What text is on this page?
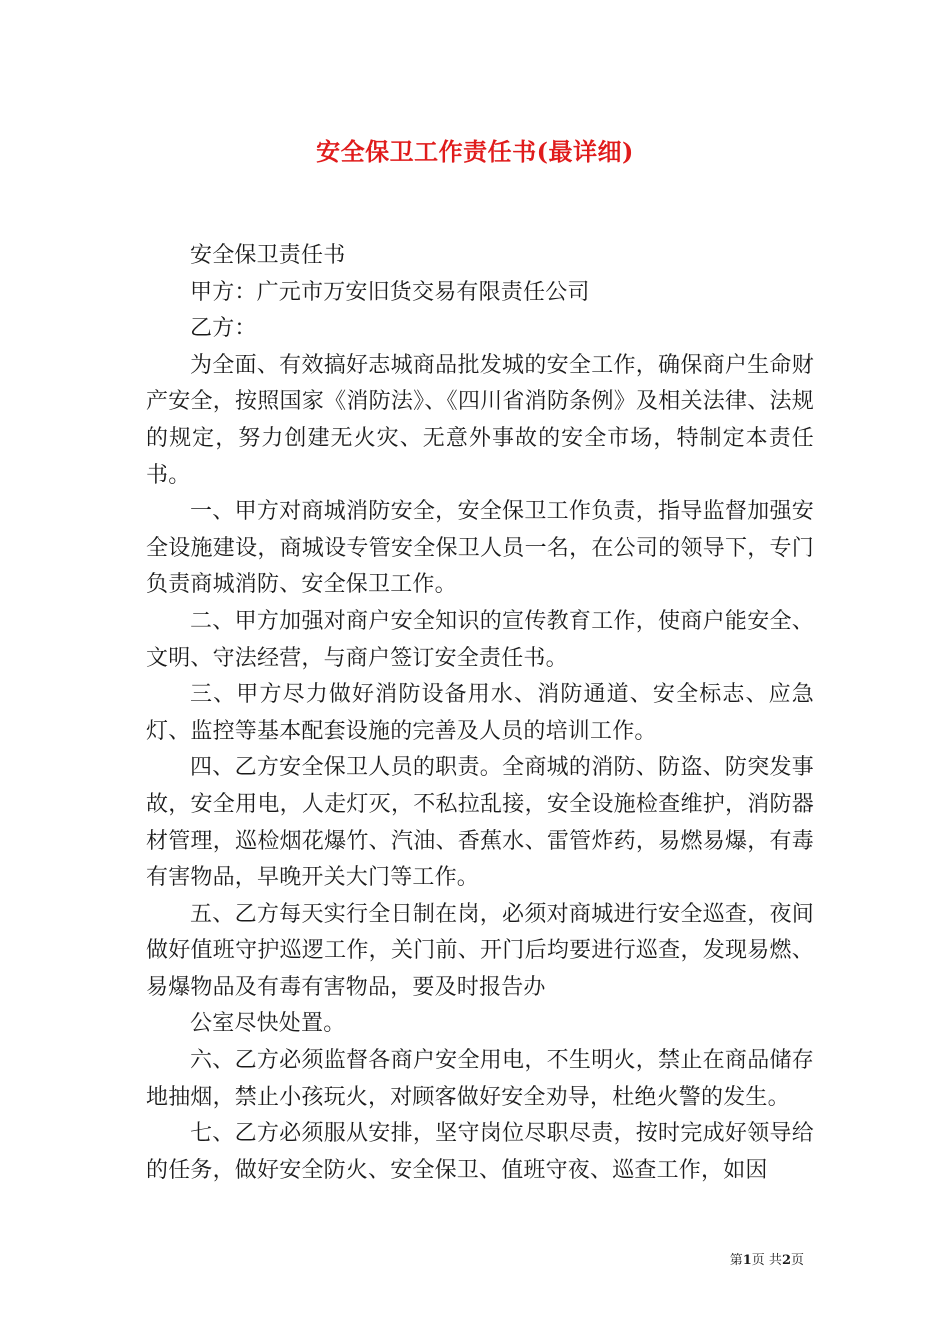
安全保卫工作责任书(最详细)

安全保卫责任书

甲方：广元市万安旧货交易有限责任公司

乙方：

为全面、有效搞好志城商品批发城的安全工作，确保商户生命财产安全，按照国家《消防法》、《四川省消防条例》及相关法律、法规的规定，努力创建无火灾、无意外事故的安全市场，特制定本责任书。

一、甲方对商城消防安全，安全保卫工作负责，指导监督加强安全设施建设，商城设专管安全保卫人员一名，在公司的领导下，专门负责商城消防、安全保卫工作。

二、甲方加强对商户安全知识的宣传教育工作，使商户能安全、文明、守法经营，与商户签订安全责任书。

三、甲方尽力做好消防设备用水、消防通道、安全标志、应急灯、监控等基本配套设施的完善及人员的培训工作。

四、乙方安全保卫人员的职责。全商城的消防、防盗、防突发事故，安全用电，人走灯灭，不私拉乱接，安全设施检查维护，消防器材管理，巡检烟花爆竹、汽油、香蕉水、雷管炸药，易燃易爆，有毒有害物品，早晚开关大门等工作。

五、乙方每天实行全日制在岗，必须对商城进行安全巡查，夜间做好值班守护巡逻工作，关门前、开门后均要进行巡查，发现易燃、易爆物品及有毒有害物品，要及时报告办

公室尽快处置。

六、乙方必须监督各商户安全用电，不生明火，禁止在商品储存地抽烟，禁止小孩玩火，对顾客做好安全劝导，杜绝火警的发生。

七、乙方必须服从安排，坚守岗位尽职尽责，按时完成好领导给的任务，做好安全防火、安全保卫、值班守夜、巡查工作，如因

第1页 共2页
